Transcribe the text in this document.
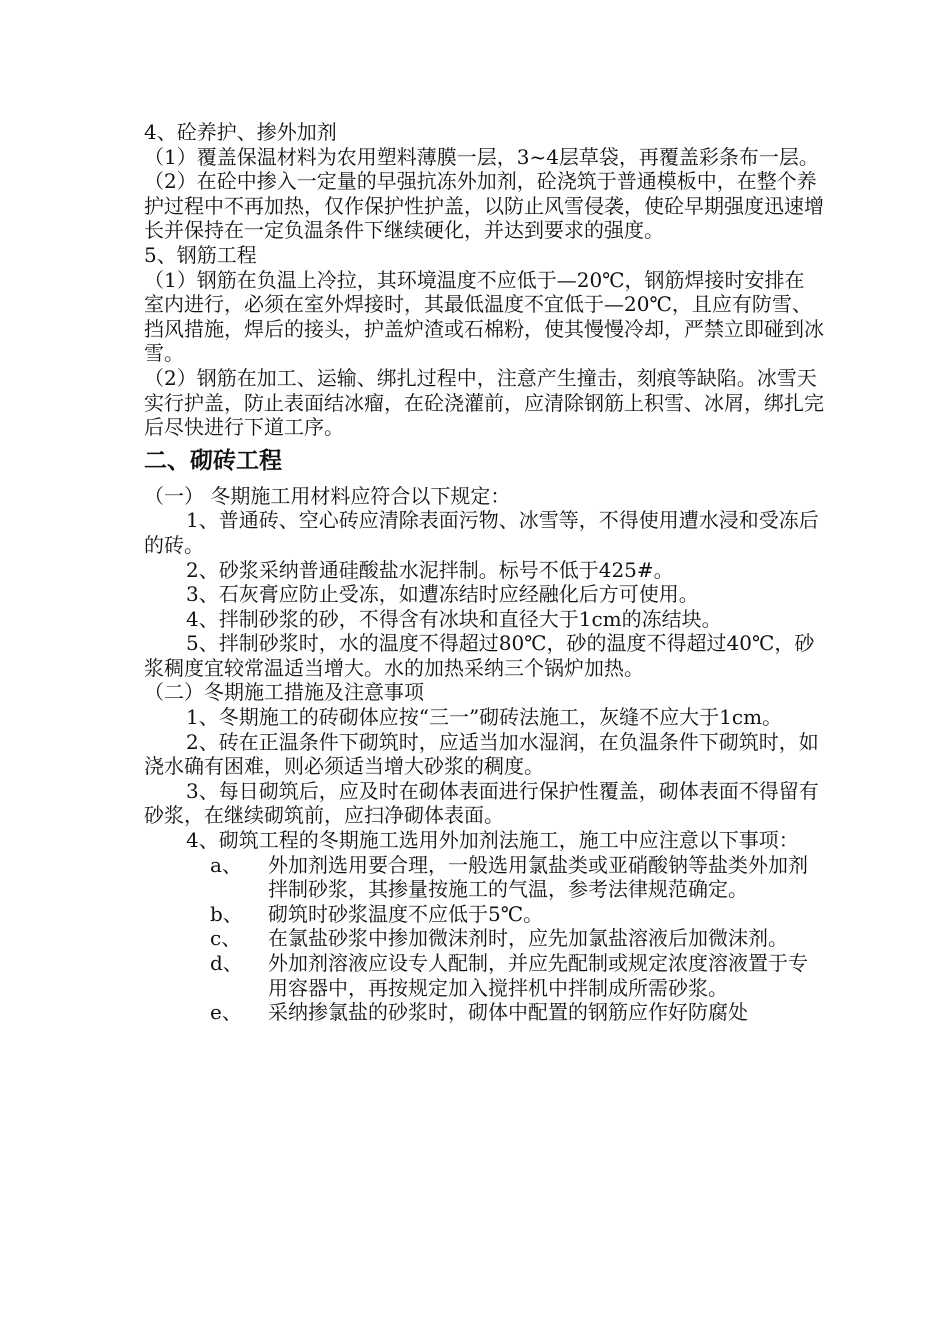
4、砼养护、掺外加剂

（1）覆盖保温材料为农用塑料薄膜一层，3~4层草袋，再覆盖彩条布一层。

（2）在砼中掺入一定量的早强抗冻外加剂，砼浇筑于普通模板中，在整个养护过程中不再加热，仅作保护性护盖，以防止风雪侵袭，使砼早期强度迅速增长并保持在一定负温条件下继续硬化，并达到要求的强度。

5、钢筋工程

（1）钢筋在负温上冷拉，其环境温度不应低于—20℃，钢筋焊接时安排在室内进行，必须在室外焊接时，其最低温度不宜低于—20℃，且应有防雪、挡风措施，焊后的接头，护盖炉渣或石棉粉，使其慢慢冷却，严禁立即碰到冰雪。

（2）钢筋在加工、运输、绑扎过程中，注意产生撞击，刻痕等缺陷。冰雪天实行护盖，防止表面结冰瘤，在砼浇灌前，应清除钢筋上积雪、冰屑，绑扎完后尽快进行下道工序。

二、砌砖工程

（一） 冬期施工用材料应符合以下规定：

1、普通砖、空心砖应清除表面污物、冰雪等，不得使用遭水浸和受冻后的砖。

2、砂浆采纳普通硅酸盐水泥拌制。标号不低于425#。

3、石灰膏应防止受冻，如遭冻结时应经融化后方可使用。

4、拌制砂浆的砂，不得含有冰块和直径大于1cm的冻结块。

5、拌制砂浆时，水的温度不得超过80℃，砂的温度不得超过40℃，砂浆稠度宜较常温适当增大。水的加热采纳三个锅炉加热。

（二）冬期施工措施及注意事项

1、冬期施工的砖砌体应按“三一”砌砖法施工，灰缝不应大于1cm。

2、砖在正温条件下砌筑时，应适当加水湿润，在负温条件下砌筑时，如浇水确有困难，则必须适当增大砂浆的稠度。

3、每日砌筑后，应及时在砌体表面进行保护性覆盖，砌体表面不得留有砂浆，在继续砌筑前，应扫净砌体表面。

4、砌筑工程的冬期施工选用外加剂法施工，施工中应注意以下事项：

a、	外加剂选用要合理，一般选用氯盐类或亚硝酸钠等盐类外加剂拌制砂浆，其掺量按施工的气温，参考法律规范确定。
b、	砌筑时砂浆温度不应低于5℃。
c、	在氯盐砂浆中掺加微沫剂时，应先加氯盐溶液后加微沫剂。
d、	外加剂溶液应设专人配制，并应先配制或规定浓度溶液置于专用容器中，再按规定加入搅拌机中拌制成所需砂浆。
e、	采纳掺氯盐的砂浆时，砌体中配置的钢筋应作好防腐处
